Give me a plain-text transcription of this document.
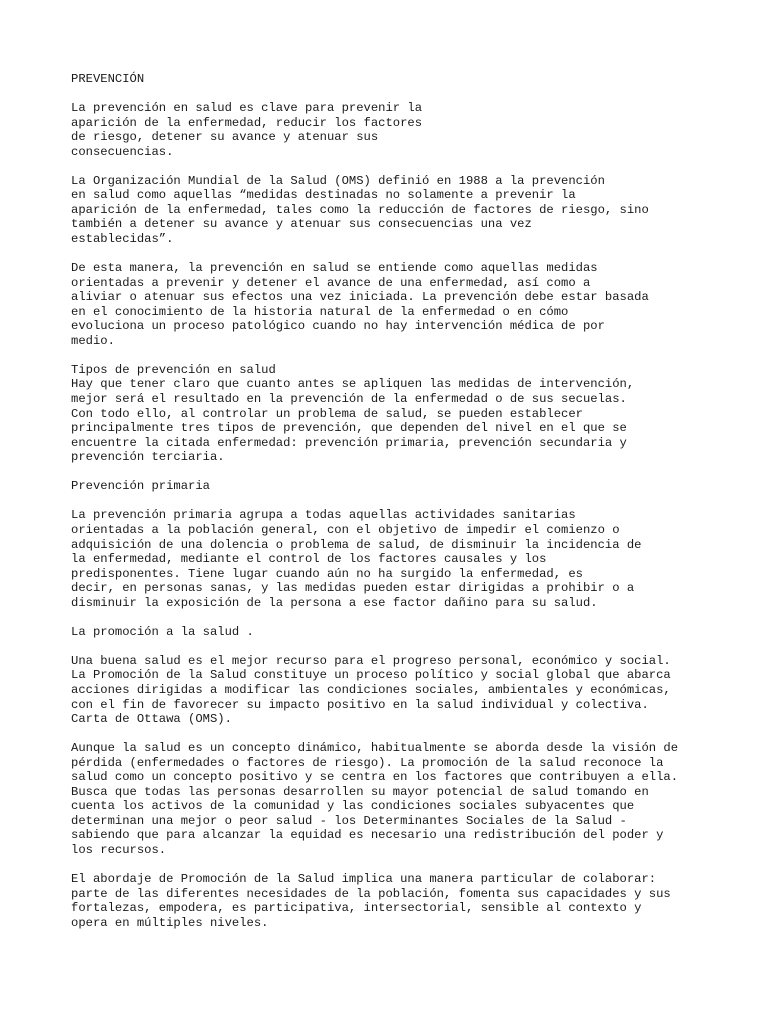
PREVENCIÓN
La prevención en salud es clave para prevenir la
aparición de la enfermedad, reducir los factores
de riesgo, detener su avance y atenuar sus
consecuencias.
La Organización Mundial de la Salud (OMS) definió en 1988 a la prevención
en salud como aquellas “medidas destinadas no solamente a prevenir la
aparición de la enfermedad, tales como la reducción de factores de riesgo, sino
también a detener su avance y atenuar sus consecuencias una vez
establecidas”.
De esta manera, la prevención en salud se entiende como aquellas medidas
orientadas a prevenir y detener el avance de una enfermedad, así como a
aliviar o atenuar sus efectos una vez iniciada. La prevención debe estar basada
en el conocimiento de la historia natural de la enfermedad o en cómo
evoluciona un proceso patológico cuando no hay intervención médica de por
medio.
Tipos de prevención en salud
Hay que tener claro que cuanto antes se apliquen las medidas de intervención,
mejor será el resultado en la prevención de la enfermedad o de sus secuelas.
Con todo ello, al controlar un problema de salud, se pueden establecer
principalmente tres tipos de prevención, que dependen del nivel en el que se
encuentre la citada enfermedad: prevención primaria, prevención secundaria y
prevención terciaria.
Prevención primaria
La prevención primaria agrupa a todas aquellas actividades sanitarias
orientadas a la población general, con el objetivo de impedir el comienzo o
adquisición de una dolencia o problema de salud, de disminuir la incidencia de
la enfermedad, mediante el control de los factores causales y los
predisponentes. Tiene lugar cuando aún no ha surgido la enfermedad, es
decir, en personas sanas, y las medidas pueden estar dirigidas a prohibir o a
disminuir la exposición de la persona a ese factor dañino para su salud.
La promoción a la salud .
Una buena salud es el mejor recurso para el progreso personal, económico y social.
La Promoción de la Salud constituye un proceso político y social global que abarca
acciones dirigidas a modificar las condiciones sociales, ambientales y económicas,
con el fin de favorecer su impacto positivo en la salud individual y colectiva.
Carta de Ottawa (OMS).
Aunque la salud es un concepto dinámico, habitualmente se aborda desde la visión de
pérdida (enfermedades o factores de riesgo). La promoción de la salud reconoce la
salud como un concepto positivo y se centra en los factores que contribuyen a ella.
Busca que todas las personas desarrollen su mayor potencial de salud tomando en
cuenta los activos de la comunidad y las condiciones sociales subyacentes que
determinan una mejor o peor salud - los Determinantes Sociales de la Salud -
sabiendo que para alcanzar la equidad es necesario una redistribución del poder y
los recursos.
El abordaje de Promoción de la Salud implica una manera particular de colaborar:
parte de las diferentes necesidades de la población, fomenta sus capacidades y sus
fortalezas, empodera, es participativa, intersectorial, sensible al contexto y
opera en múltiples niveles.
